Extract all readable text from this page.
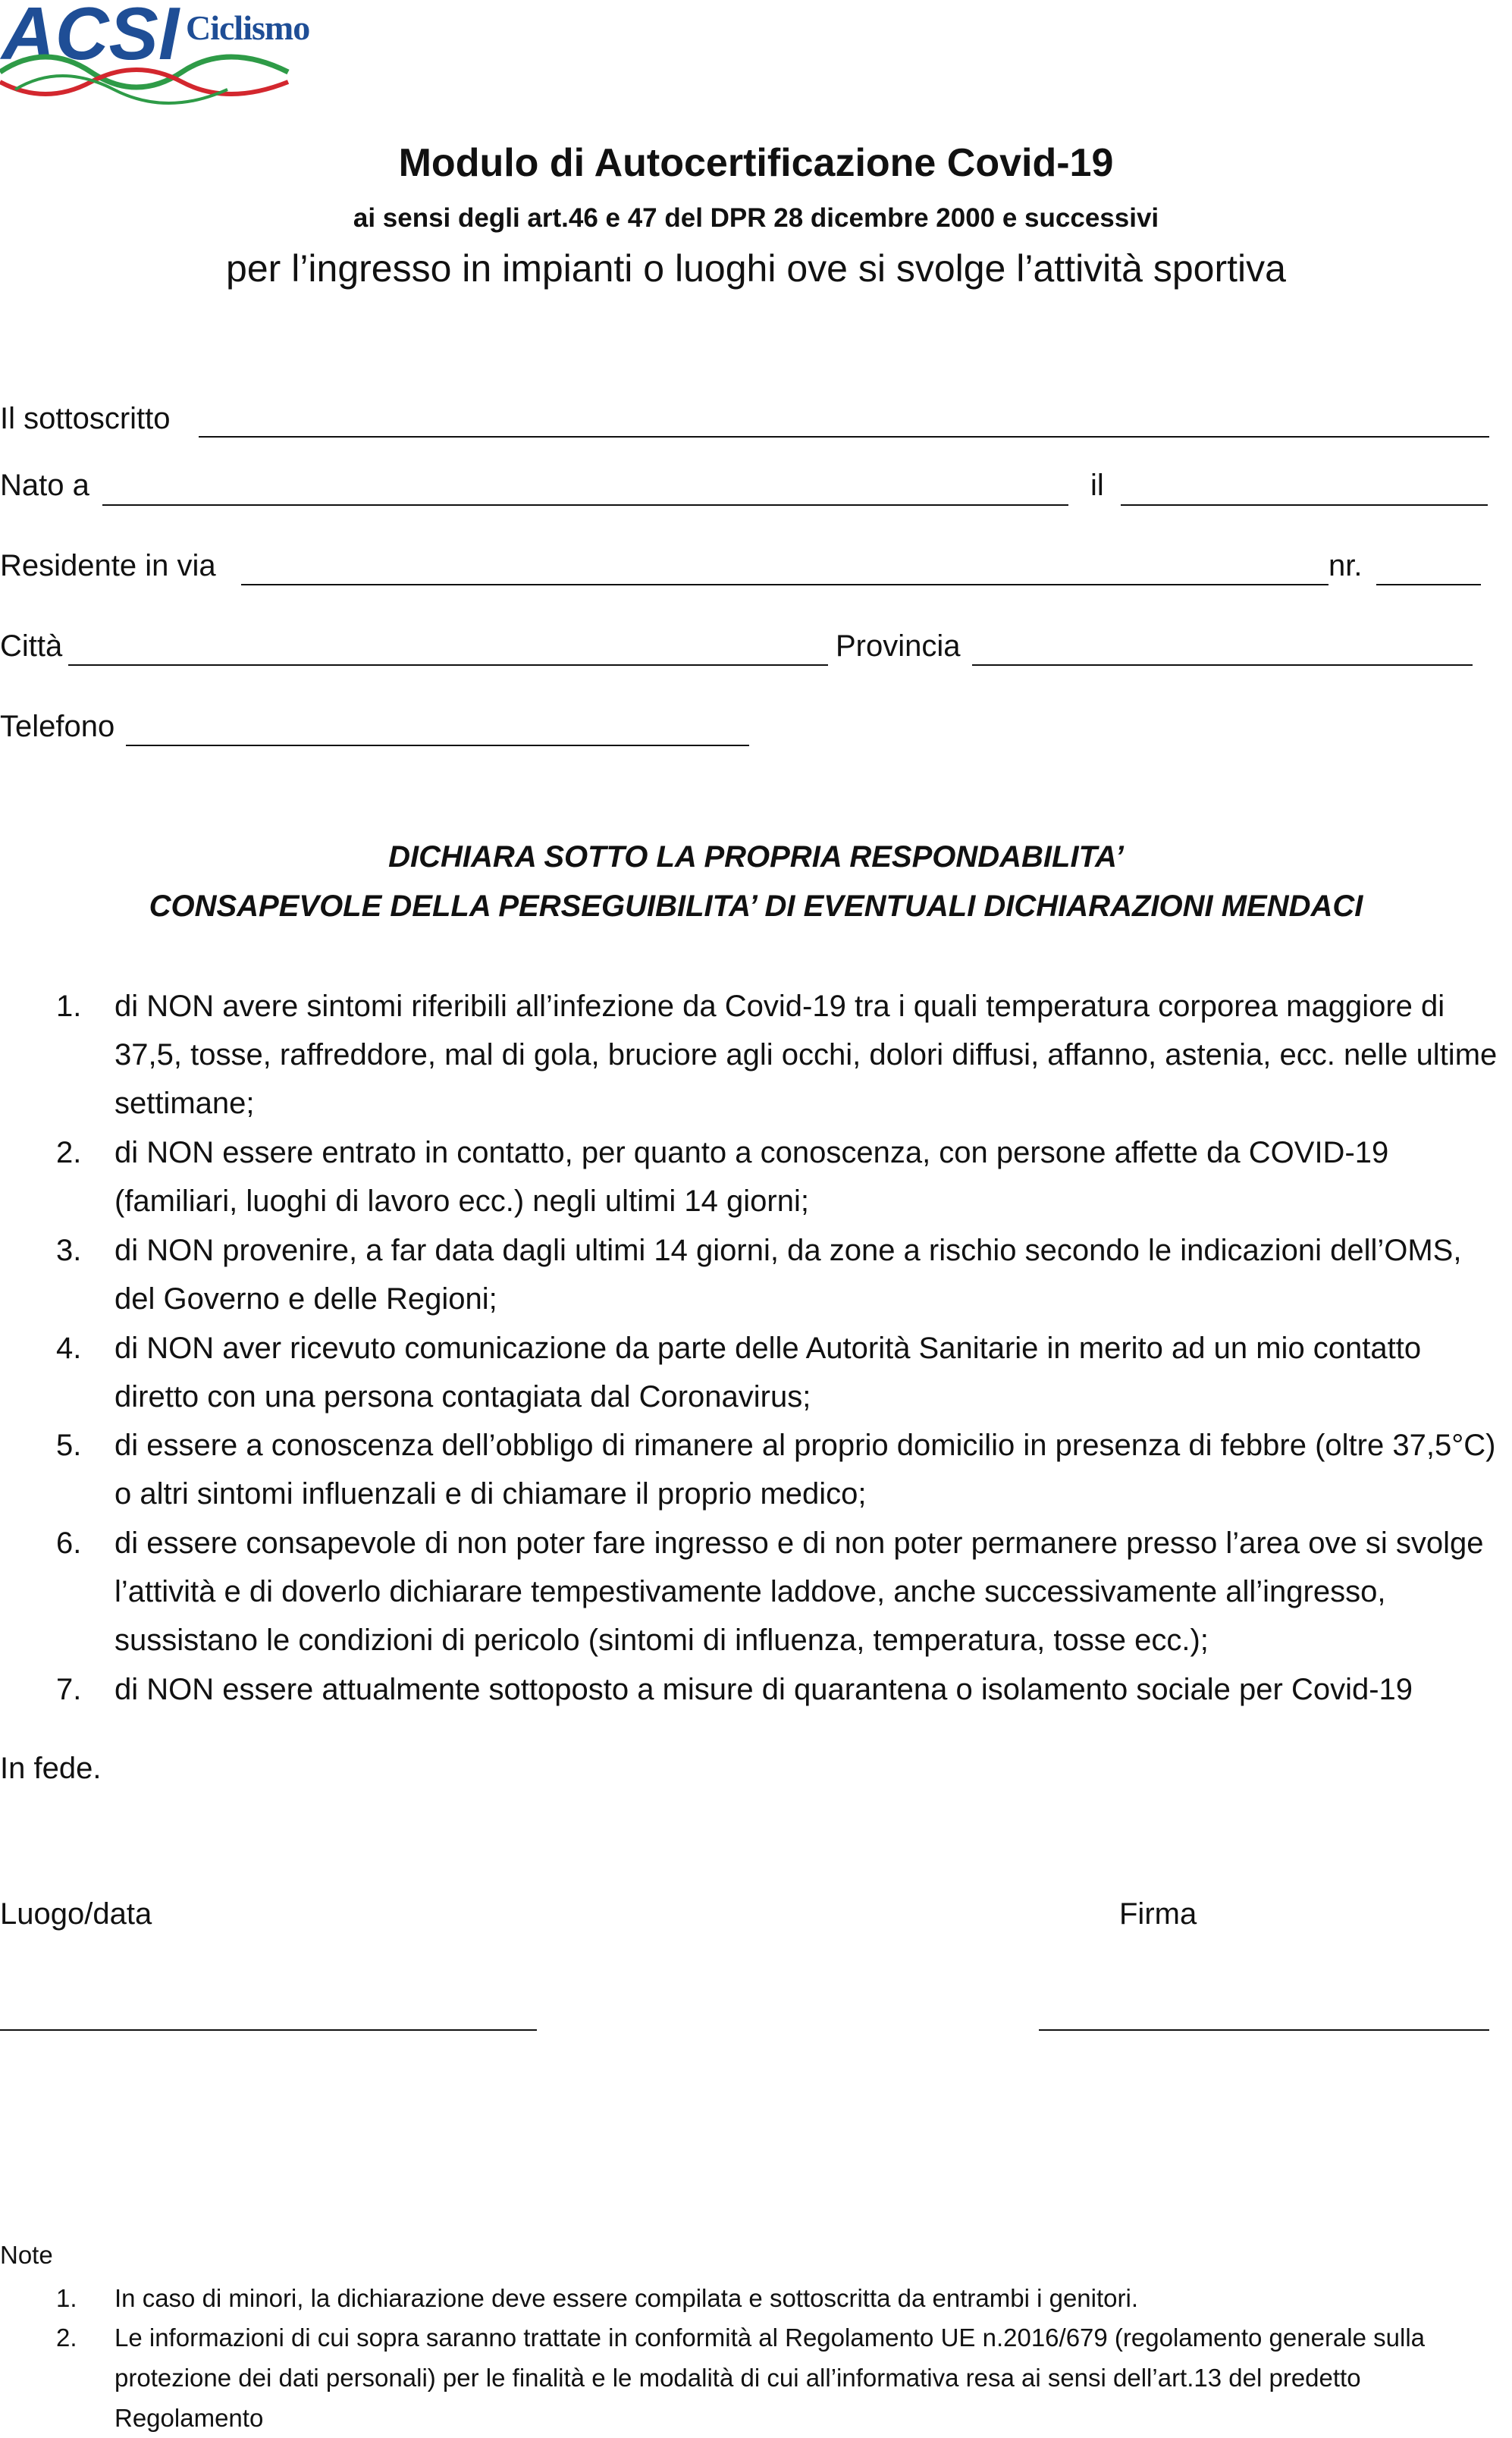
ACSI Ciclismo
Modulo di Autocertificazione Covid-19
ai sensi degli art.46 e 47 del DPR 28 dicembre 2000 e successivi
per l’ingresso in impianti o luoghi ove si svolge l’attività sportiva
Il sottoscritto
Nato a	il
Residente in via	nr.
Città	Provincia
Telefono
DICHIARA SOTTO LA PROPRIA RESPONDABILITA’
CONSAPEVOLE DELLA PERSEGUIBILITA’ DI EVENTUALI DICHIARAZIONI MENDACI
1. di NON avere sintomi riferibili all’infezione da Covid-19 tra i quali temperatura corporea maggiore di 37,5, tosse, raffreddore, mal di gola, bruciore agli occhi, dolori diffusi, affanno, astenia, ecc. nelle ultime settimane;
2. di NON essere entrato in contatto, per quanto a conoscenza, con persone affette da COVID-19 (familiari, luoghi di lavoro ecc.) negli ultimi 14 giorni;
3. di NON provenire, a far data dagli ultimi 14 giorni, da zone a rischio secondo le indicazioni dell’OMS, del Governo e delle Regioni;
4. di NON aver ricevuto comunicazione da parte delle Autorità Sanitarie in merito ad un mio contatto diretto con una persona contagiata dal Coronavirus;
5. di essere a conoscenza dell’obbligo di rimanere al proprio domicilio in presenza di febbre (oltre 37,5°C) o altri sintomi influenzali e di chiamare il proprio medico;
6. di essere consapevole di non poter fare ingresso e di non poter permanere presso l’area ove si svolge l’attività e di doverlo dichiarare tempestivamente laddove, anche successivamente all’ingresso, sussistano le condizioni di pericolo (sintomi di influenza, temperatura, tosse ecc.);
7. di NON essere attualmente sottoposto a misure di quarantena o isolamento sociale per Covid-19
In fede.
Luogo/data	Firma
Note
1. In caso di minori, la dichiarazione deve essere compilata e sottoscritta da entrambi i genitori.
2. Le informazioni di cui sopra saranno trattate in conformità al Regolamento UE n.2016/679 (regolamento generale sulla protezione dei dati personali) per le finalità e le modalità di cui all’informativa resa ai sensi dell’art.13 del predetto Regolamento
